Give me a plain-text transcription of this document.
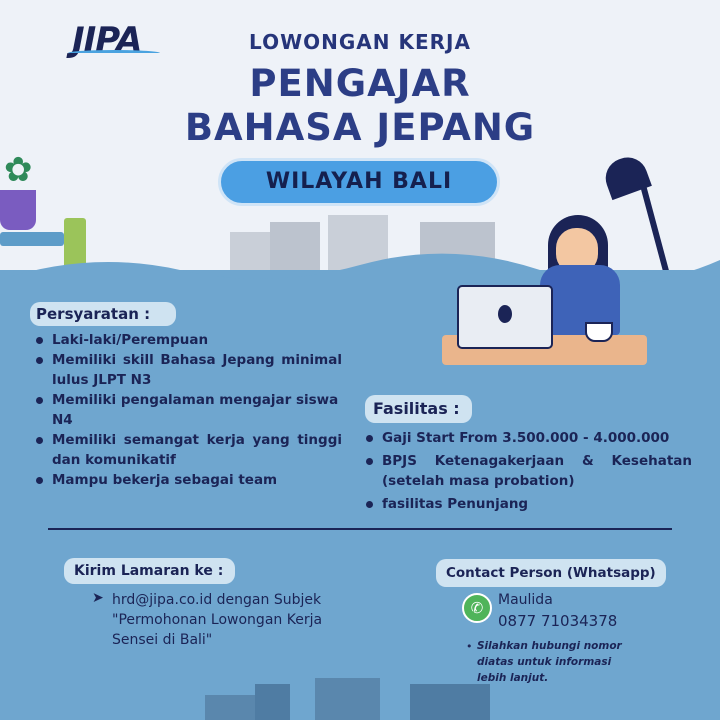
JIPA	LOWONGAN KERJA
PENGAJAR
BAHASA JEPANG
WILAYAH BALI
✿
Persyaratan :
Laki-laki/Perempuan
Memiliki skill Bahasa Jepang minimal lulus JLPT N3
Memiliki pengalaman mengajar siswa N4
Memiliki semangat kerja yang tinggi dan komunikatif
Mampu bekerja sebagai team
Fasilitas :
Gaji Start From 3.500.000 - 4.000.000
BPJS Ketenagakerjaan & Kesehatan (setelah masa probation)
fasilitas Penunjang
Kirim Lamaran ke :
➤ hrd@jipa.co.id dengan Subjek "Permohonan Lowongan Kerja Sensei di Bali"
Contact Person (Whatsapp)
✆	Maulida
0877 71034378
• Silahkan hubungi nomor diatas untuk informasi lebih lanjut.
